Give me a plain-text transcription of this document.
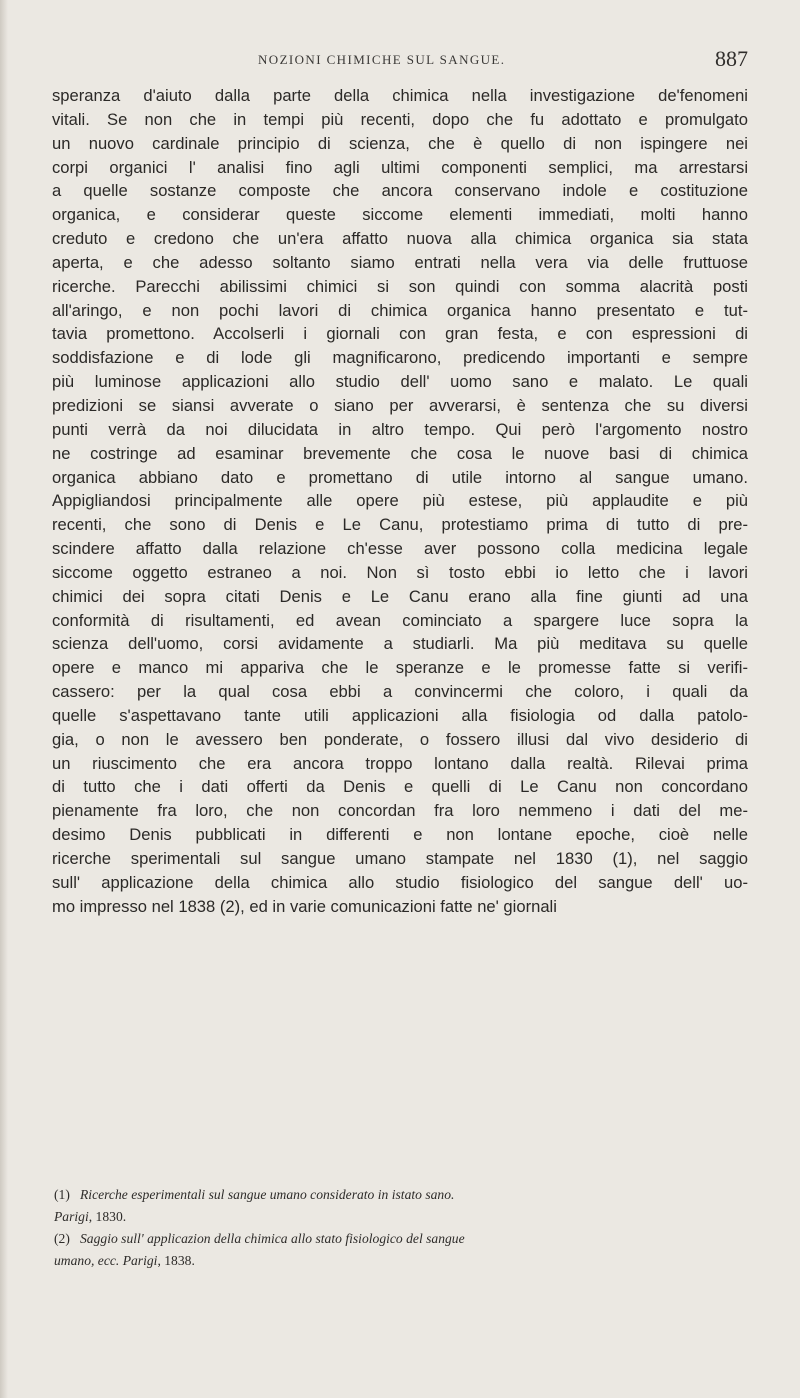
NOZIONI CHIMICHE SUL SANGUE.	887
speranza d'aiuto dalla parte della chimica nella investigazione de'fenomeni
vitali. Se non che in tempi più recenti, dopo che fu adottato e promulgato
un nuovo cardinale principio di scienza, che è quello di non ispingere nei
corpi organici l' analisi fino agli ultimi componenti semplici, ma arrestarsi
a quelle sostanze composte che ancora conservano indole e costituzione
organica, e considerar queste siccome elementi immediati, molti hanno
creduto e credono che un'era affatto nuova alla chimica organica sia stata
aperta, e che adesso soltanto siamo entrati nella vera via delle fruttuose
ricerche. Parecchi abilissimi chimici si son quindi con somma alacrità posti
all'aringo, e non pochi lavori di chimica organica hanno presentato e tut-
tavia promettono. Accolserli i giornali con gran festa, e con espressioni di
soddisfazione e di lode gli magnificarono, predicendo importanti e sempre
più luminose applicazioni allo studio dell' uomo sano e malato. Le quali
predizioni se siansi avverate o siano per avverarsi, è sentenza che su diversi
punti verrà da noi dilucidata in altro tempo. Qui però l'argomento nostro
ne costringe ad esaminar brevemente che cosa le nuove basi di chimica
organica abbiano dato e promettano di utile intorno al sangue umano.
Appigliandosi principalmente alle opere più estese, più applaudite e più
recenti, che sono di Denis e Le Canu, protestiamo prima di tutto di pre-
scindere affatto dalla relazione ch'esse aver possono colla medicina legale
siccome oggetto estraneo a noi. Non sì tosto ebbi io letto che i lavori
chimici dei sopra citati Denis e Le Canu erano alla fine giunti ad una
conformità di risultamenti, ed avean cominciato a spargere luce sopra la
scienza dell'uomo, corsi avidamente a studiarli. Ma più meditava su quelle
opere e manco mi appariva che le speranze e le promesse fatte si verifi-
cassero: per la qual cosa ebbi a convincermi che coloro, i quali da
quelle s'aspettavano tante utili applicazioni alla fisiologia od dalla patolo-
gia, o non le avessero ben ponderate, o fossero illusi dal vivo desiderio di
un riuscimento che era ancora troppo lontano dalla realtà. Rilevai prima
di tutto che i dati offerti da Denis e quelli di Le Canu non concordano
pienamente fra loro, che non concordan fra loro nemmeno i dati del me-
desimo Denis pubblicati in differenti e non lontane epoche, cioè nelle
ricerche sperimentali sul sangue umano stampate nel 1830 (1), nel saggio
sull' applicazione della chimica allo studio fisiologico del sangue dell' uo-
mo impresso nel 1838 (2), ed in varie comunicazioni fatte ne' giornali
(1) Ricerche esperimentali sul sangue umano considerato in istato sano.
Parigi, 1830.
(2) Saggio sull' applicazion della chimica allo stato fisiologico del sangue
umano, ecc. Parigi, 1838.
